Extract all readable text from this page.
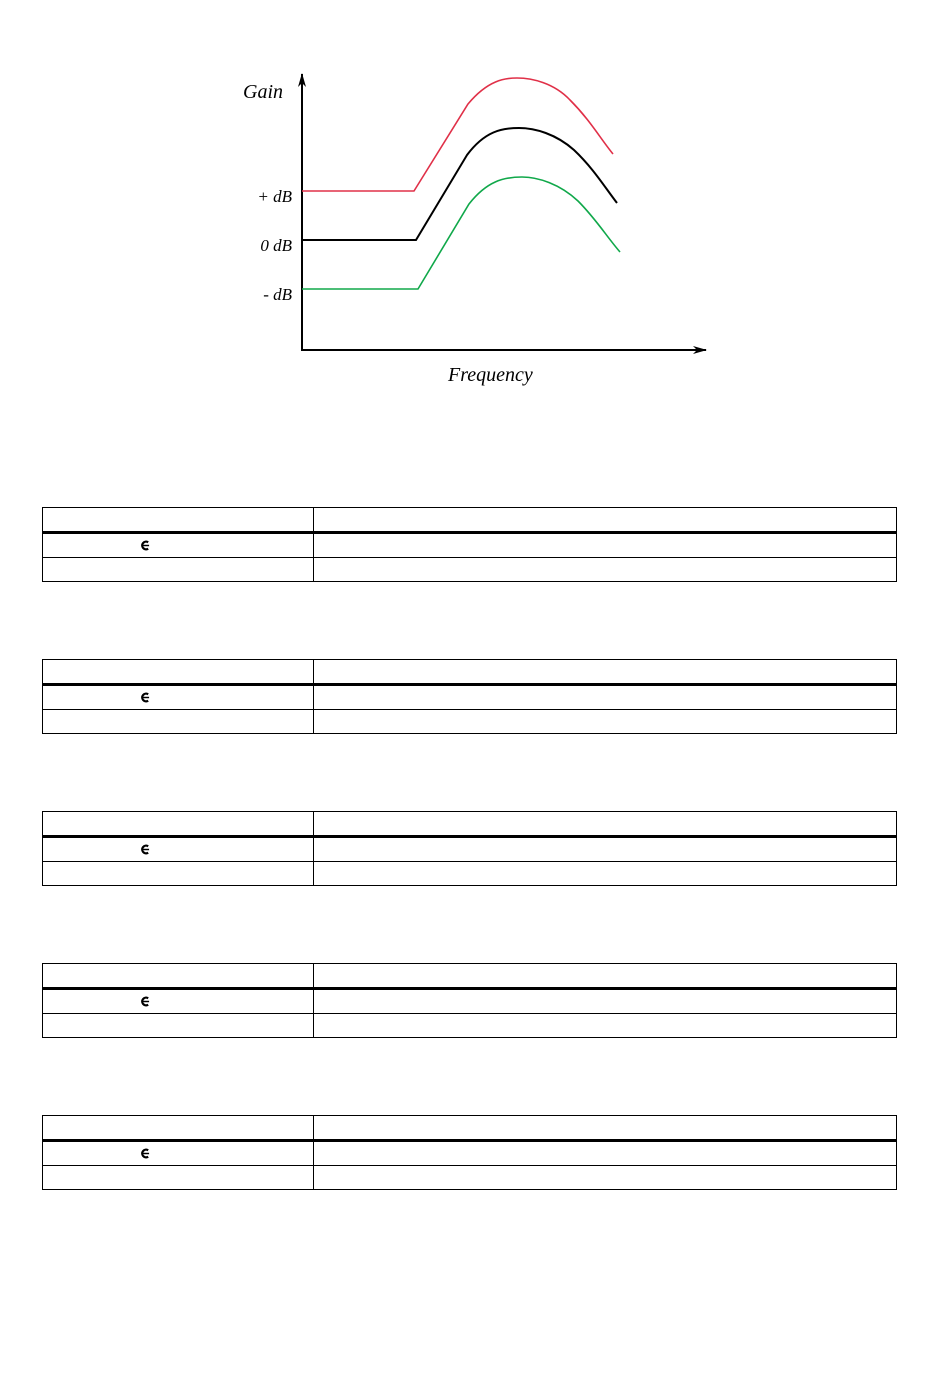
Gain
Frequency
+ dB
0 dB
- dB
